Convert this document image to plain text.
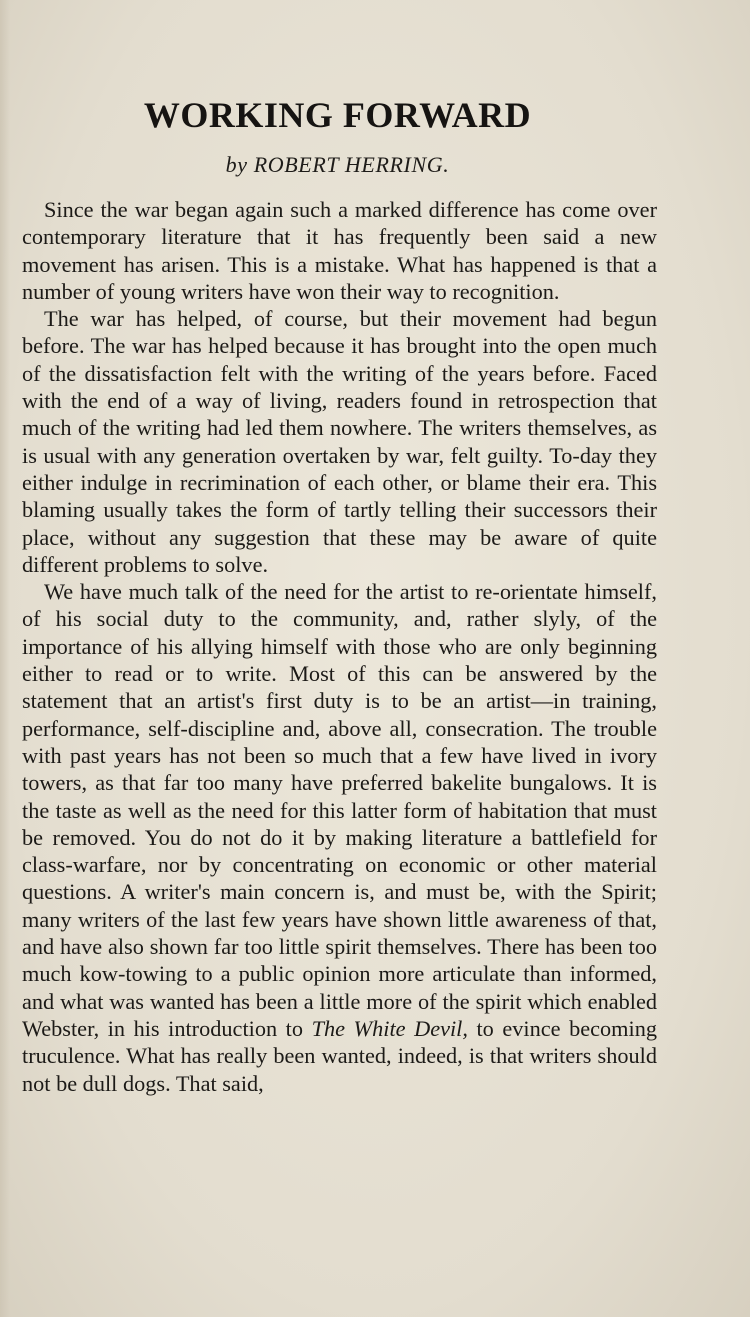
WORKING FORWARD
by ROBERT HERRING.

Since the war began again such a marked difference has come over contemporary literature that it has frequently been said a new movement has arisen. This is a mistake. What has happened is that a number of young writers have won their way to recognition.

The war has helped, of course, but their movement had begun before. The war has helped because it has brought into the open much of the dissatisfaction felt with the writing of the years before. Faced with the end of a way of living, readers found in retrospection that much of the writing had led them nowhere. The writers themselves, as is usual with any generation overtaken by war, felt guilty. To-day they either indulge in recrimination of each other, or blame their era. This blaming usually takes the form of tartly telling their successors their place, without any suggestion that these may be aware of quite different problems to solve.

We have much talk of the need for the artist to re-orientate himself, of his social duty to the community, and, rather slyly, of the importance of his allying himself with those who are only beginning either to read or to write. Most of this can be answered by the statement that an artist's first duty is to be an artist—in training, performance, self-discipline and, above all, consecration. The trouble with past years has not been so much that a few have lived in ivory towers, as that far too many have preferred bakelite bungalows. It is the taste as well as the need for this latter form of habitation that must be removed. You do not do it by making literature a battlefield for class-warfare, nor by concentrating on economic or other material questions. A writer's main concern is, and must be, with the Spirit; many writers of the last few years have shown little awareness of that, and have also shown far too little spirit themselves. There has been too much kow-towing to a public opinion more articulate than informed, and what was wanted has been a little more of the spirit which enabled Webster, in his introduction to The White Devil, to evince becoming truculence. What has really been wanted, indeed, is that writers should not be dull dogs. That said,
